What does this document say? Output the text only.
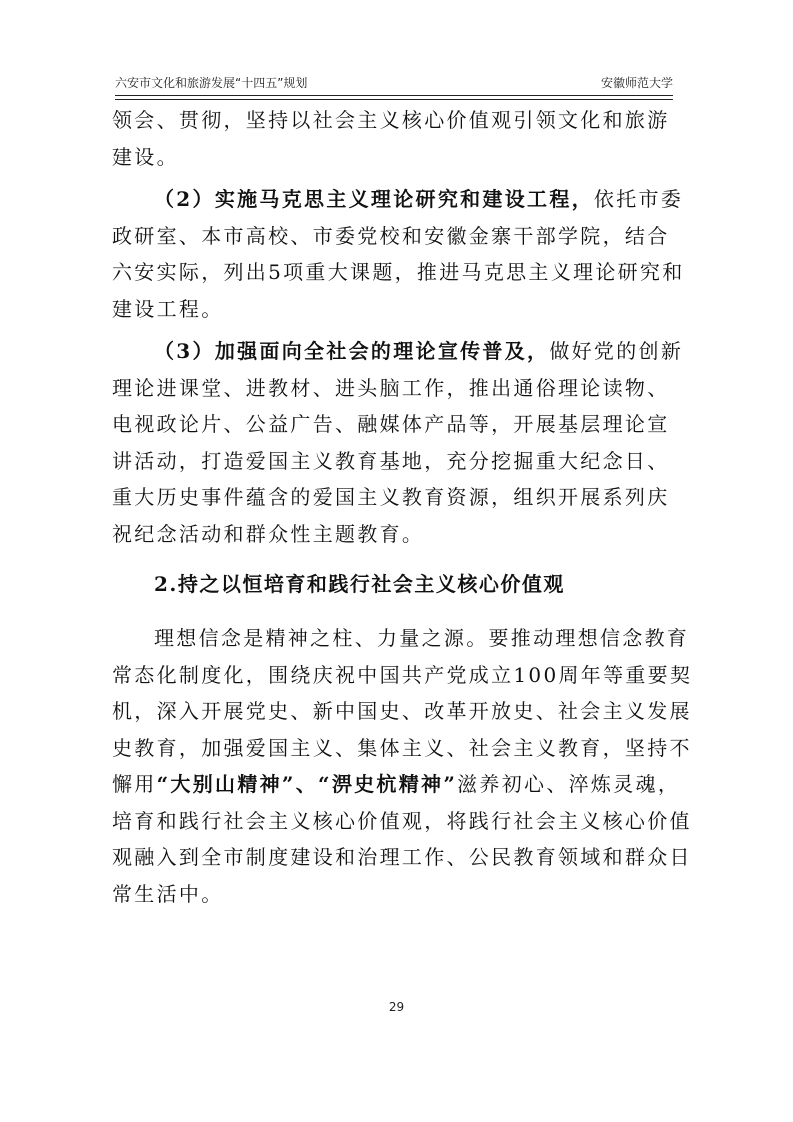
六安市文化和旅游发展“十四五”规划	安徽师范大学

领会、贯彻，坚持以社会主义核心价值观引领文化和旅游
建设。

（2）实施马克思主义理论研究和建设工程，依托市委
政研室、本市高校、市委党校和安徽金寨干部学院，结合
六安实际，列出5项重大课题，推进马克思主义理论研究和
建设工程。

（3）加强面向全社会的理论宣传普及，做好党的创新
理论进课堂、进教材、进头脑工作，推出通俗理论读物、
电视政论片、公益广告、融媒体产品等，开展基层理论宣
讲活动，打造爱国主义教育基地，充分挖掘重大纪念日、
重大历史事件蕴含的爱国主义教育资源，组织开展系列庆
祝纪念活动和群众性主题教育。

2.持之以恒培育和践行社会主义核心价值观

理想信念是精神之柱、力量之源。要推动理想信念教育
常态化制度化，围绕庆祝中国共产党成立100周年等重要契
机，深入开展党史、新中国史、改革开放史、社会主义发展
史教育，加强爱国主义、集体主义、社会主义教育，坚持不
懈用“大别山精神”、“淠史杭精神”滋养初心、淬炼灵魂，
培育和践行社会主义核心价值观，将践行社会主义核心价值
观融入到全市制度建设和治理工作、公民教育领域和群众日
常生活中。

29
